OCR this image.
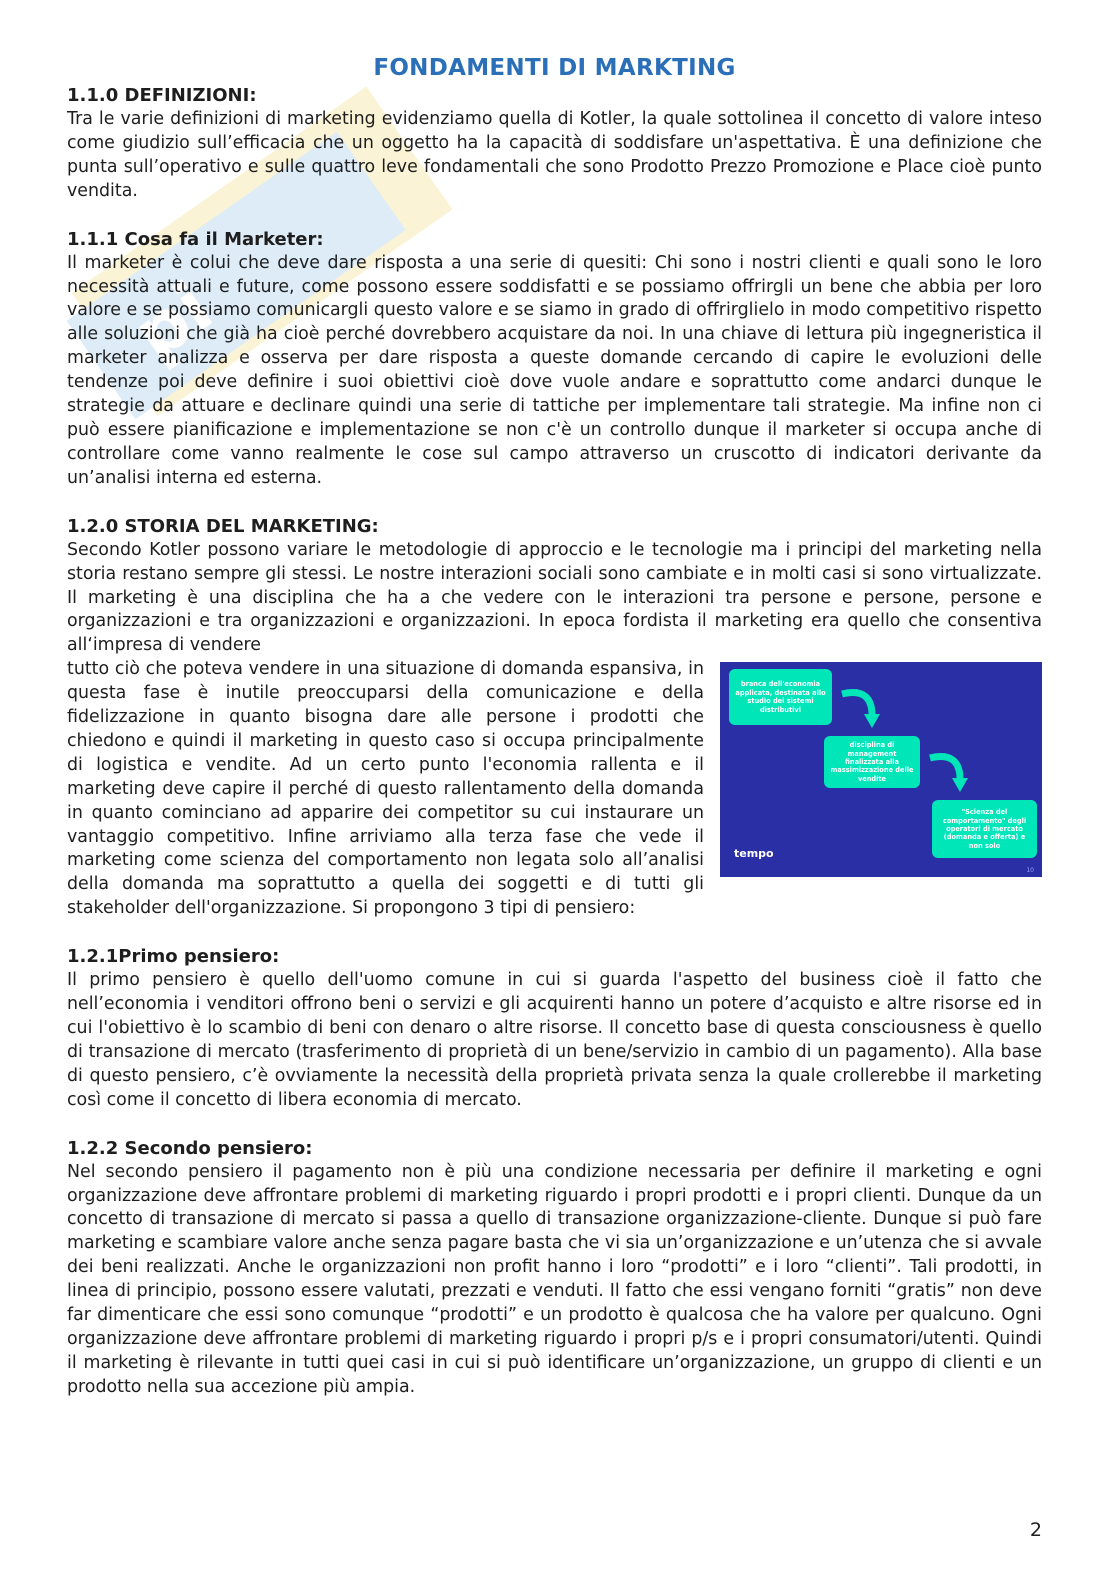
pi
FONDAMENTI DI MARKTING
1.1.0 DEFINIZIONI:

Tra le varie definizioni di marketing evidenziamo quella di Kotler, la quale sottolinea il concetto di valore inteso come giudizio sull’efficacia che un oggetto ha la capacità di soddisfare un'aspettativa. È una definizione che punta sull’operativo e sulle quattro leve fondamentali che sono Prodotto Prezzo Promozione e Place cioè punto vendita.

1.1.1 Cosa fa il Marketer:

Il marketer è colui che deve dare risposta a una serie di quesiti: Chi sono i nostri clienti e quali sono le loro necessità attuali e future, come possono essere soddisfatti e se possiamo offrirgli un bene che abbia per loro valore e se possiamo comunicargli questo valore e se siamo in grado di offrirglielo in modo competitivo rispetto alle soluzioni che già ha cioè perché dovrebbero acquistare da noi. In una chiave di lettura più ingegneristica il marketer analizza e osserva per dare risposta a queste domande cercando di capire le evoluzioni delle tendenze poi deve definire i suoi obiettivi cioè dove vuole andare e soprattutto come andarci dunque le strategie da attuare e declinare quindi una serie di tattiche per implementare tali strategie. Ma infine non ci può essere pianificazione e implementazione se non c'è un controllo dunque il marketer si occupa anche di controllare come vanno realmente le cose sul campo attraverso un cruscotto di indicatori derivante da un’analisi interna ed esterna.

1.2.0 STORIA DEL MARKETING:

Secondo Kotler possono variare le metodologie di approccio e le tecnologie ma i principi del marketing nella storia restano sempre gli stessi. Le nostre interazioni sociali sono cambiate e in molti casi si sono virtualizzate. Il marketing è una disciplina che ha a che vedere con le interazioni tra persone e persone, persone e organizzazioni e tra organizzazioni e organizzazioni. In epoca fordista il marketing era quello che consentiva all‘impresa di vendere

branca dell'economia applicata, destinata allo studio dei sistemi distributivi
disciplina di management finalizzata alla massimizzazione delle vendite
"Scienza del comportamento" degli operatori di mercato (domanda e offerta) e non solo
tempo
10

tutto ciò che poteva vendere in una situazione di domanda espansiva, in questa fase è inutile preoccuparsi della comunicazione e della fidelizzazione in quanto bisogna dare alle persone i prodotti che chiedono e quindi il marketing in questo caso si occupa principalmente di logistica e vendite. Ad un certo punto l'economia rallenta e il marketing deve capire il perché di questo rallentamento della domanda in quanto cominciano ad apparire dei competitor su cui instaurare un vantaggio competitivo. Infine arriviamo alla terza fase che vede il marketing come scienza del comportamento non legata solo all’analisi della domanda ma soprattutto a quella dei soggetti e di tutti gli stakeholder dell'organizzazione. Si propongono 3 tipi di pensiero:

1.2.1Primo pensiero:

Il primo pensiero è quello dell'uomo comune in cui si guarda l'aspetto del business cioè il fatto che nell’economia i venditori offrono beni o servizi e gli acquirenti hanno un potere d’acquisto e altre risorse ed in cui l'obiettivo è lo scambio di beni con denaro o altre risorse. Il concetto base di questa consciousness è quello di transazione di mercato (trasferimento di proprietà di un bene/servizio in cambio di un pagamento). Alla base di questo pensiero, c’è ovviamente la necessità della proprietà privata senza la quale crollerebbe il marketing così come il concetto di libera economia di mercato.

1.2.2 Secondo pensiero:

Nel secondo pensiero il pagamento non è più una condizione necessaria per definire il marketing e ogni organizzazione deve affrontare problemi di marketing riguardo i propri prodotti e i propri clienti. Dunque da un concetto di transazione di mercato si passa a quello di transazione organizzazione-cliente. Dunque si può fare marketing e scambiare valore anche senza pagare basta che vi sia un’organizzazione e un’utenza che si avvale dei beni realizzati. Anche le organizzazioni non profit hanno i loro “prodotti” e i loro “clienti”. Tali prodotti, in linea di principio, possono essere valutati, prezzati e venduti. Il fatto che essi vengano forniti “gratis” non deve far dimenticare che essi sono comunque “prodotti” e un prodotto è qualcosa che ha valore per qualcuno. Ogni organizzazione deve affrontare problemi di marketing riguardo i propri p/s e i propri consumatori/utenti. Quindi il marketing è rilevante in tutti quei casi in cui si può identificare un’organizzazione, un gruppo di clienti e un prodotto nella sua accezione più ampia.

2
